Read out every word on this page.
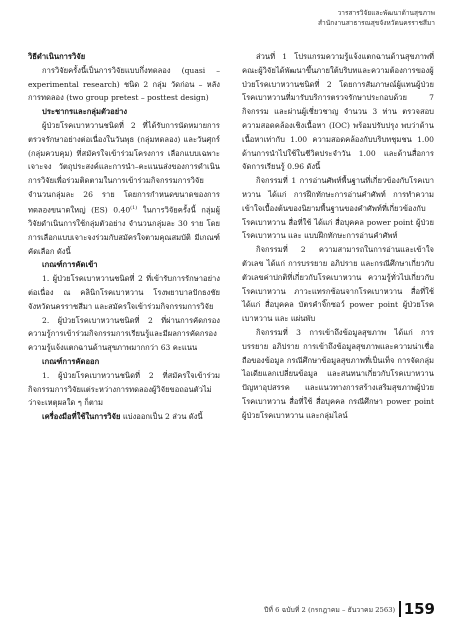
วารสารวิจัยและพัฒนาด้านสุขภาพ
สำนักงานสาธารณสุขจังหวัดนครราชสีมา

วิธีดำเนินการวิจัย

การวิจัยครั้งนี้เป็นการวิจัยแบบกึ่งทดลอง (quasi – experimental research) ชนิด 2 กลุ่ม วัดก่อน – หลังการทดลอง (two group pretest – posttest design)

ประชากรและกลุ่มตัวอย่าง

ผู้ป่วยโรคเบาหวานชนิดที่ 2 ที่ได้รับการนัดหมายการตรวจรักษาอย่างต่อเนื่องในวันพุธ (กลุ่มทดลอง) และวันศุกร์ (กลุ่มควบคุม) ที่สมัครใจเข้าร่วมโครงการ เลือกแบบเฉพาะเจาะจง วัตถุประสงค์และการนำ–คะแนนส่งของการดำเนินการวิจัยเพื่อร่วมติดตามในการเข้าร่วมกิจกรรมการวิจัย จำนวนกลุ่มละ 26 ราย โดยการกำหนดขนาดของการทดลองขนาดใหญ่ (ES) 0.40$^{(1)}$ ในการวิจัยครั้งนี้ กลุ่มผู้วิจัยดำเนินการใช้กลุ่มตัวอย่าง จำนวนกลุ่มละ 30 ราย โดยการเลือกแบบเจาะจงร่วมกับสมัครใจตามคุณสมบัติ มีเกณฑ์คัดเลือก ดังนี้

เกณฑ์การคัดเข้า

1. ผู้ป่วยโรคเบาหวานชนิดที่ 2 ที่เข้ารับการรักษาอย่างต่อเนื่อง ณ คลินิกโรคเบาหวาน โรงพยาบาลปักธงชัย จังหวัดนครราชสีมา และสมัครใจเข้าร่วมกิจกรรมการวิจัย

2. ผู้ป่วยโรคเบาหวานชนิดที่ 2 ที่ผ่านการคัดกรองความรู้การเข้าร่วมกิจกรรมการเรียนรู้และมีผลการคัดกรองความรู้แจ้งแตกฉานด้านสุขภาพมากกว่า 63 คะแนน

เกณฑ์การคัดออก

1. ผู้ป่วยโรคเบาหวานชนิดที่ 2 ที่สมัครใจเข้าร่วมกิจกรรมการวิจัยแต่ระหว่างการทดลองผู้วิจัยขอถอนตัวไม่ว่าจะเหตุผลใด ๆ ก็ตาม

เครื่องมือที่ใช้ในการวิจัย แบ่งออกเป็น 2 ส่วน ดังนี้

ส่วนที่ 1 โปรแกรมความรู้แจ้งแตกฉานด้านสุขภาพที่คณะผู้วิจัยได้พัฒนาขึ้นภายใต้บริบทและความต้องการของผู้ป่วยโรคเบาหวานชนิดที่ 2 โดยการสัมภาษณ์ผู้แทนผู้ป่วยโรคเบาหวานที่มารับบริการตรวจรักษาประกอบด้วย 7 กิจกรรม และผ่านผู้เชี่ยวชาญ จำนวน 3 ท่าน ตรวจสอบความสอดคล้องเชิงเนื้อหา (IOC) พร้อมปรับปรุง พบว่าด้านเนื้อหาเท่ากับ 1.00 ความสอดคล้องกับบริบทชุมชน 1.00 ด้านการนำไปใช้ในชีวิตประจำวัน 1.00 และด้านสื่อการจัดการเรียนรู้ 0.96 ดังนี้

กิจกรรมที่ 1 การอ่านศัพท์พื้นฐานที่เกี่ยวข้องกับโรคเบาหวาน ได้แก่ การฝึกทักษะการอ่านคำศัพท์ การทำความเข้าใจเบื้องต้นของนิยามพื้นฐานของคำศัพท์ที่เกี่ยวข้องกับโรคเบาหวาน สื่อที่ใช้ ได้แก่ สื่อบุคคล power point ผู้ป่วยโรคเบาหวาน และ แบบฝึกทักษะการอ่านคำศัพท์

กิจกรรมที่ 2 ความสามารถในการอ่านและเข้าใจตัวเลข ได้แก่ การบรรยาย อภิปราย และกรณีศึกษาเกี่ยวกับตัวเลขค่าปกติที่เกี่ยวกับโรคเบาหวาน ความรู้ทั่วไปเกี่ยวกับโรคเบาหวาน ภาวะแทรกซ้อนจากโรคเบาหวาน สื่อที่ใช้ ได้แก่ สื่อบุคคล บัตรคำจิ๊กซอว์ power point ผู้ป่วยโรคเบาหวาน และ แผ่นพับ

กิจกรรมที่ 3 การเข้าถึงข้อมูลสุขภาพ ได้แก่ การบรรยาย อภิปราย การเข้าถึงข้อมูลสุขภาพและความน่าเชื่อถือของข้อมูล กรณีศึกษาข้อมูลสุขภาพที่เป็นเท็จ การจัดกลุ่มไอเดียแลกเปลี่ยนข้อมูล และสนทนาเกี่ยวกับโรคเบาหวาน ปัญหาอุปสรรค และแนวทางการสร้างเสริมสุขภาพผู้ป่วยโรคเบาหวาน สื่อที่ใช้ สื่อบุคคล กรณีศึกษา power point ผู้ป่วยโรคเบาหวาน และกลุ่มไลน์

ปีที่ 6 ฉบับที่ 2 (กรกฎาคม – ธันวาคม 2563) 159
